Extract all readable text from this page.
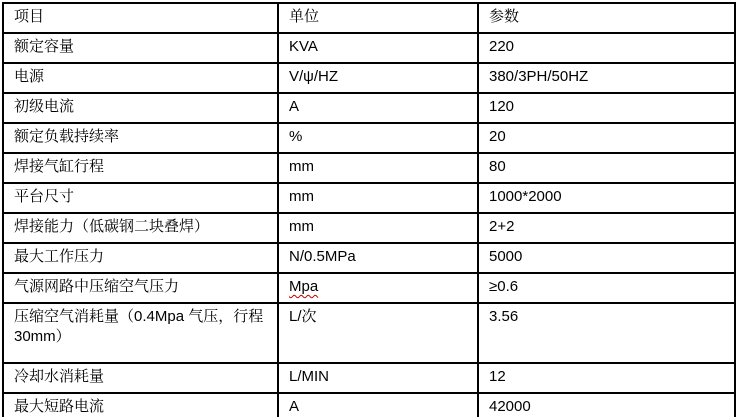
项目	单位	参数
额定容量	KVA	220
电源	V/ψ/HZ	380/3PH/50HZ
初级电流	A	120
额定负载持续率	%	20
焊接气缸行程	mm	80
平台尺寸	mm	1000*2000
焊接能力（低碳钢二块叠焊）	mm	2+2
最大工作压力	N/0.5MPa	5000
气源网路中压缩空气压力	Mpa	≥0.6
压缩空气消耗量（0.4Mpa 气压，行程 30mm）	L/次	3.56
冷却水消耗量	L/MIN	12
最大短路电流	A	42000
